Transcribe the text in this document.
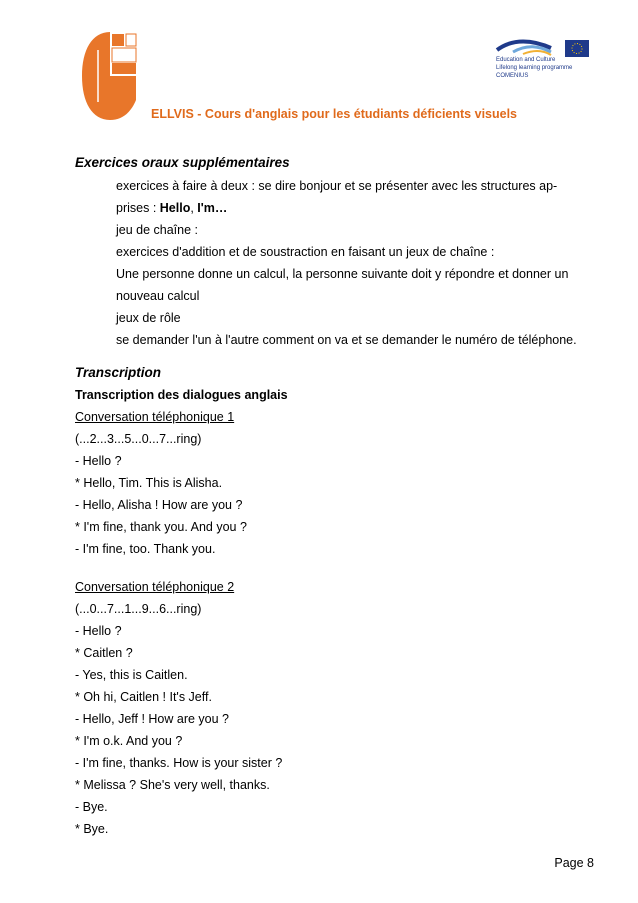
Education and Culture
Lifelong learning programme
COMENIUS
ELLVIS - Cours d'anglais pour les étudiants déficients visuels
Exercices oraux supplémentaires
exercices à faire à deux : se dire bonjour et se présenter avec les structures ap-
prises : Hello, I'm…
jeu de chaîne :
exercices d'addition et de soustraction en faisant un jeux de chaîne :
Une personne donne un calcul, la personne suivante doit y répondre et donner un
nouveau calcul
jeux de rôle
se demander l'un à l'autre comment on va et se demander le numéro de téléphone.
Transcription
Transcription des dialogues anglais
Conversation téléphonique 1
(...2...3...5...0...7...ring)
- Hello ?
* Hello, Tim. This is Alisha.
- Hello, Alisha ! How are you ?
* I'm fine, thank you. And you ?
- I'm fine, too. Thank you.
Conversation téléphonique 2
(...0...7...1...9...6...ring)
- Hello ?
* Caitlen ?
- Yes, this is Caitlen.
* Oh hi, Caitlen ! It's Jeff.
- Hello, Jeff ! How are you ?
* I'm o.k. And you ?
- I'm fine, thanks. How is your sister ?
* Melissa ? She's very well, thanks.
- Bye.
* Bye.
Page 8
